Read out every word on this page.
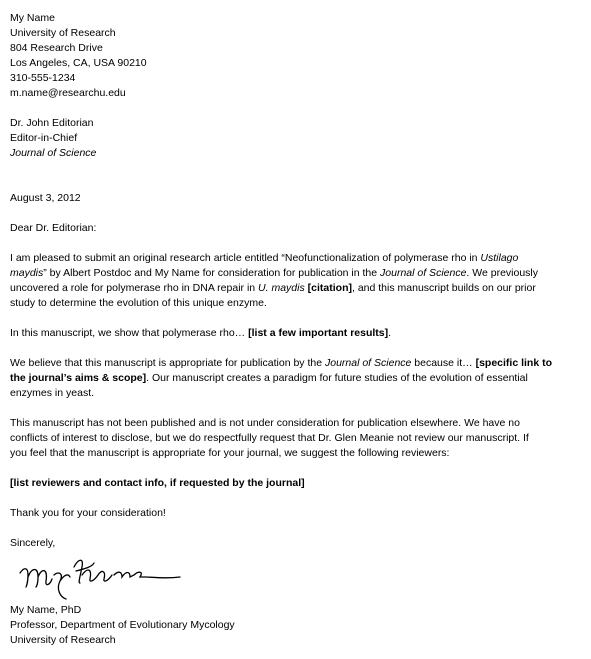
My Name
University of Research
804 Research Drive
Los Angeles, CA, USA 90210
310-555-1234
m.name@researchu.edu
Dr. John Editorian
Editor-in-Chief
Journal of Science
August 3, 2012
Dear Dr. Editorian:
I am pleased to submit an original research article entitled “Neofunctionalization of polymerase rho in Ustilago
maydis” by Albert Postdoc and My Name for consideration for publication in the Journal of Science. We previously
uncovered a role for polymerase rho in DNA repair in U. maydis [citation], and this manuscript builds on our prior
study to determine the evolution of this unique enzyme.
In this manuscript, we show that polymerase rho… [list a few important results].
We believe that this manuscript is appropriate for publication by the Journal of Science because it… [specific link to
the journal’s aims & scope]. Our manuscript creates a paradigm for future studies of the evolution of essential
enzymes in yeast.
This manuscript has not been published and is not under consideration for publication elsewhere. We have no
conflicts of interest to disclose, but we do respectfully request that Dr. Glen Meanie not review our manuscript. If
you feel that the manuscript is appropriate for your journal, we suggest the following reviewers:
[list reviewers and contact info, if requested by the journal]
Thank you for your consideration!
Sincerely,
My Name, PhD
Professor, Department of Evolutionary Mycology
University of Research
